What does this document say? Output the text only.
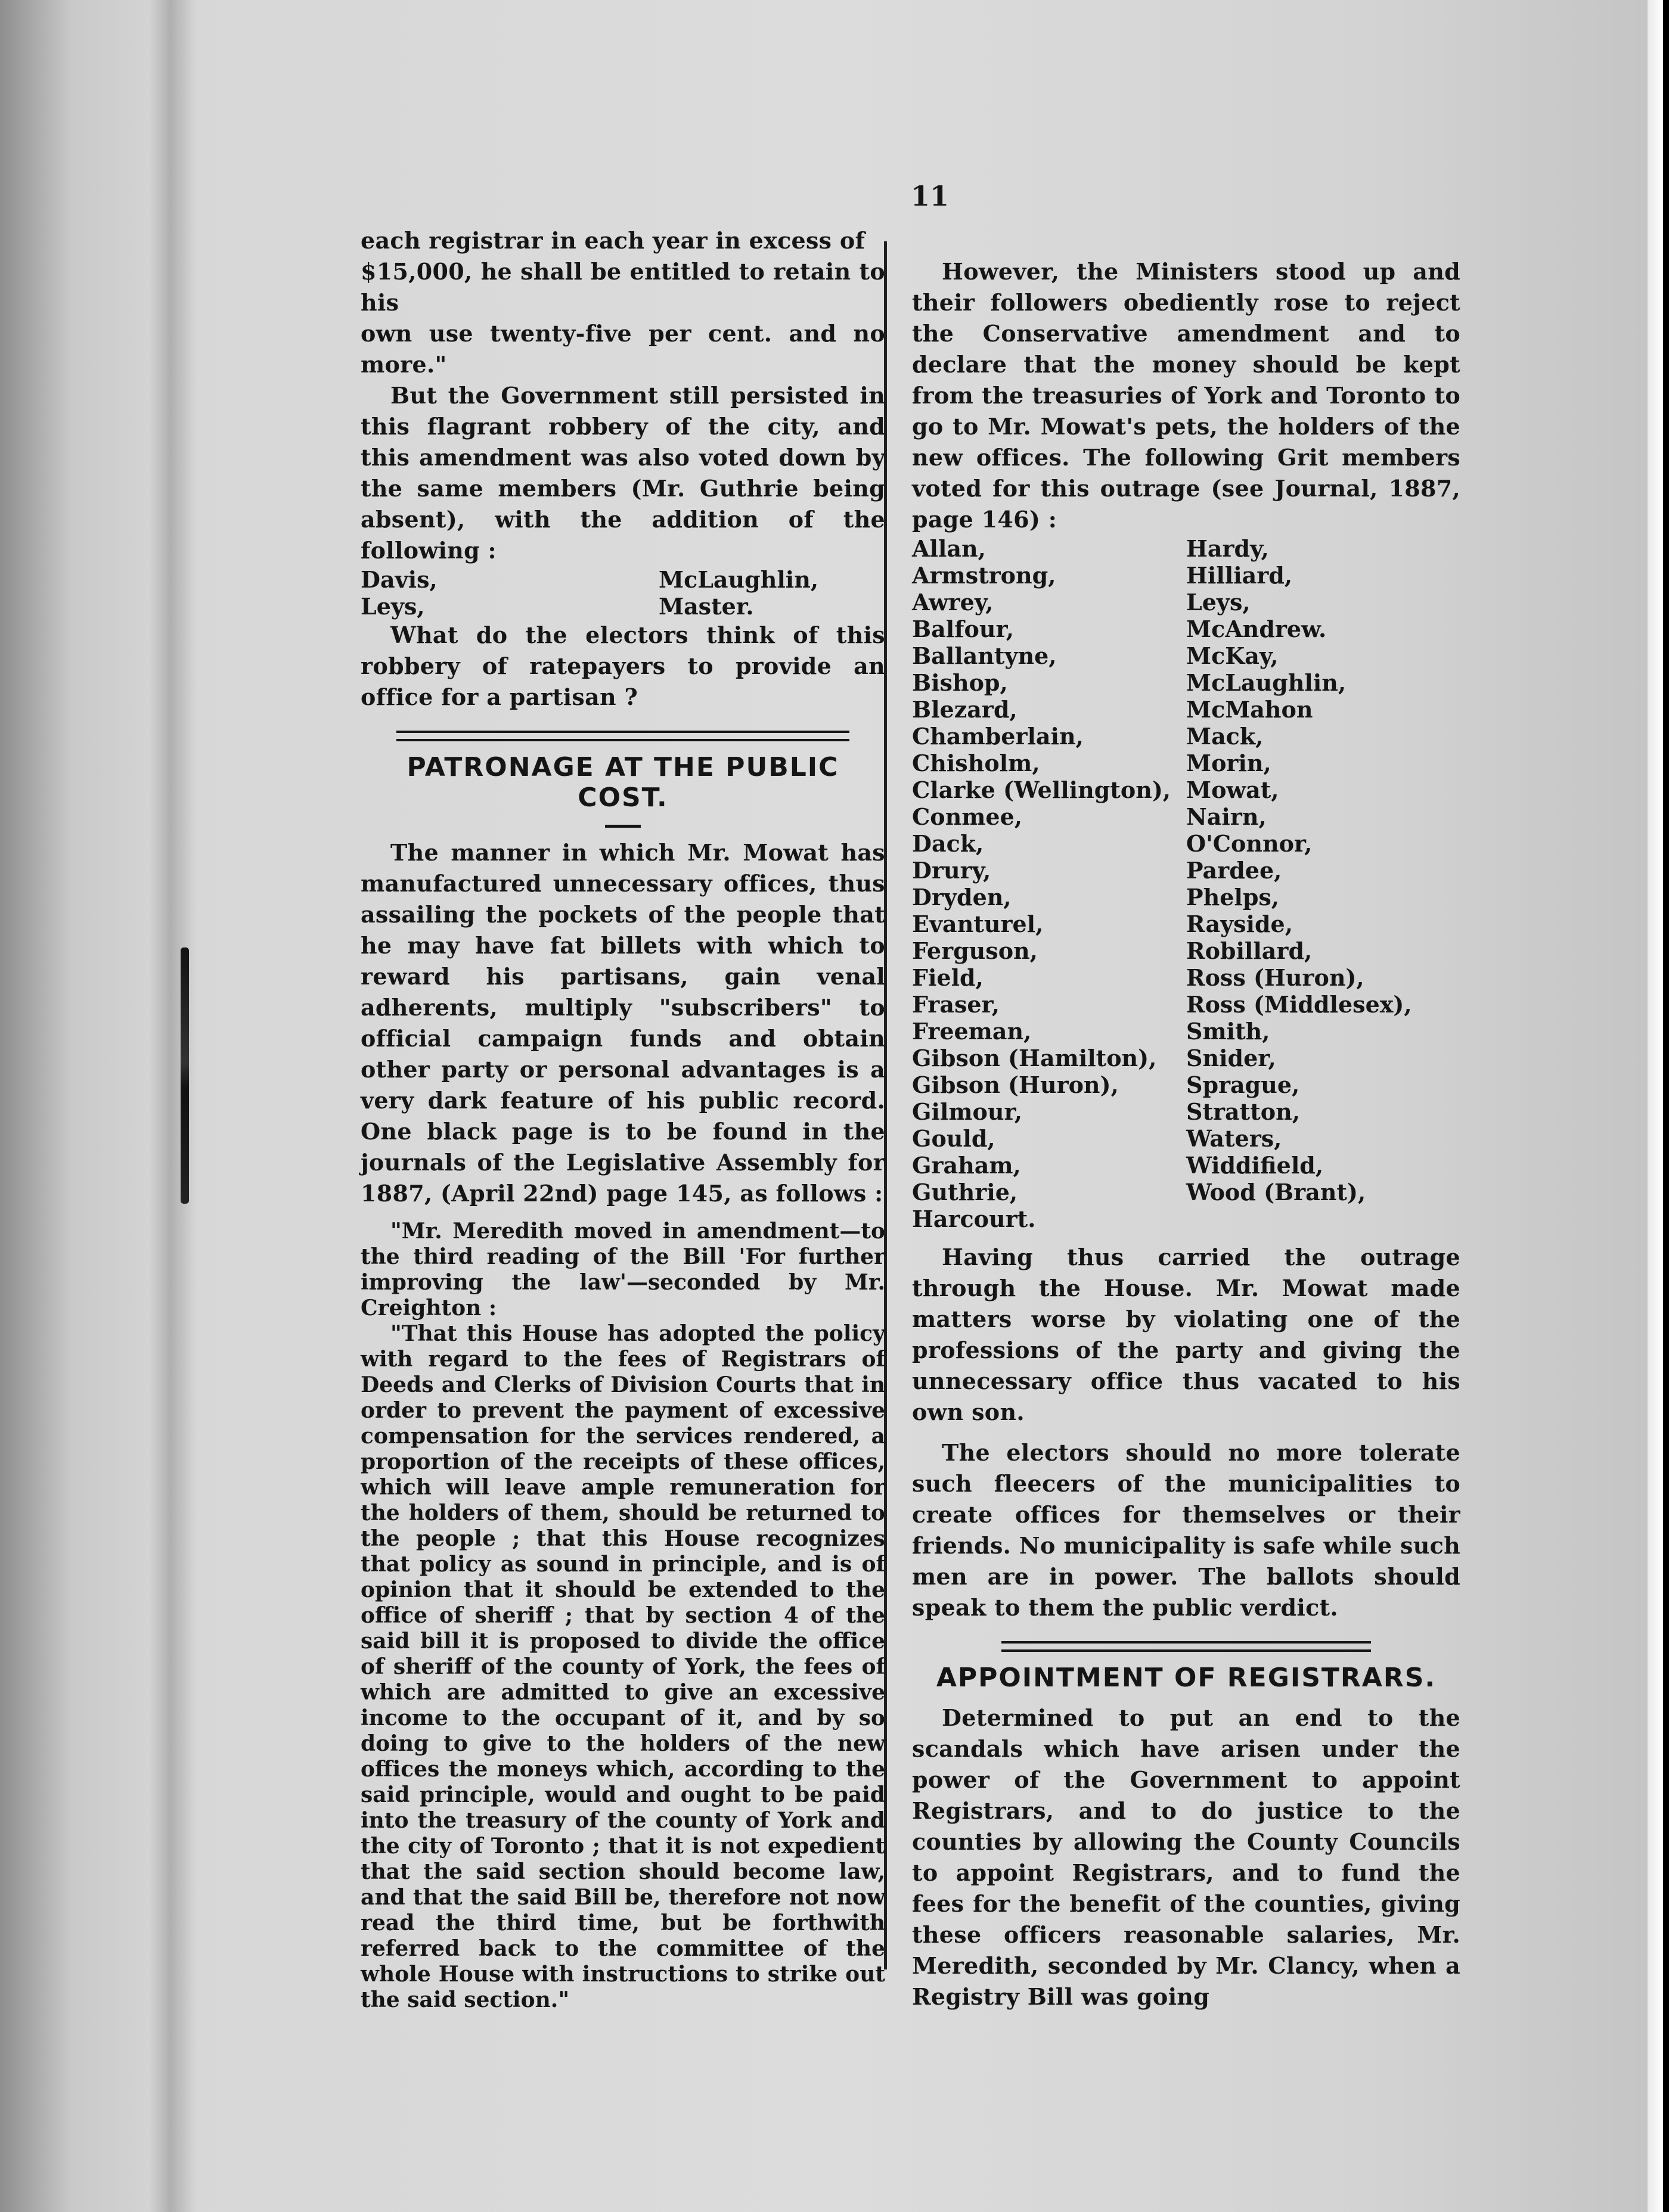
11
each registrar in each year in excess of
$15,000, he shall be entitled to retain to his
own use twenty-five per cent. and no more."

But the Government still persisted in this flagrant robbery of the city, and this amendment was also voted down by the same members (Mr. Guthrie being absent), with the addition of the following :

Davis,	McLaughlin,
Leys,	Master.

What do the electors think of this robbery of ratepayers to provide an office for a partisan ?

PATRONAGE AT THE PUBLIC COST.

The manner in which Mr. Mowat has manufactured unnecessary offices, thus assailing the pockets of the people that he may have fat billets with which to reward his partisans, gain venal adherents, multiply "subscribers" to official campaign funds and obtain other party or personal advantages is a very dark feature of his public record. One black page is to be found in the journals of the Legislative Assembly for 1887, (April 22nd) page 145, as follows :

"Mr. Meredith moved in amendment—to the third reading of the Bill 'For further improving the law'—seconded by Mr. Creighton :

"That this House has adopted the policy with regard to the fees of Registrars of Deeds and Clerks of Division Courts that in order to prevent the payment of excessive compensation for the services rendered, a proportion of the receipts of these offices, which will leave ample remuneration for the holders of them, should be returned to the people ; that this House recognizes that policy as sound in principle, and is of opinion that it should be extended to the office of sheriff ; that by section 4 of the said bill it is proposed to divide the office of sheriff of the county of York, the fees of which are admitted to give an excessive income to the occupant of it, and by so doing to give to the holders of the new offices the moneys which, according to the said principle, would and ought to be paid into the treasury of the county of York and the city of Toronto ; that it is not expedient that the said section should become law, and that the said Bill be, therefore not now read the third time, but be forthwith referred back to the committee of the whole House with instructions to strike out the said section."

However, the Ministers stood up and their followers obediently rose to reject the Conservative amendment and to declare that the money should be kept from the treasuries of York and Toronto to go to Mr. Mowat's pets, the holders of the new offices. The following Grit members voted for this outrage (see Journal, 1887, page 146) :

Allan,
Armstrong,
Awrey,
Balfour,
Ballantyne,
Bishop,
Blezard,
Chamberlain,
Chisholm,
Clarke (Wellington),
Conmee,
Dack,
Drury,
Dryden,
Evanturel,
Ferguson,
Field,
Fraser,
Freeman,
Gibson (Hamilton),
Gibson (Huron),
Gilmour,
Gould,
Graham,
Guthrie,
Harcourt.
Hardy,
Hilliard,
Leys,
McAndrew.
McKay,
McLaughlin,
McMahon
Mack,
Morin,
Mowat,
Nairn,
O'Connor,
Pardee,
Phelps,
Rayside,
Robillard,
Ross (Huron),
Ross (Middlesex),
Smith,
Snider,
Sprague,
Stratton,
Waters,
Widdifield,
Wood (Brant),

Having thus carried the outrage through the House. Mr. Mowat made matters worse by violating one of the professions of the party and giving the unnecessary office thus vacated to his own son.

The electors should no more tolerate such fleecers of the municipalities to create offices for themselves or their friends. No municipality is safe while such men are in power. The ballots should speak to them the public verdict.

APPOINTMENT OF REGISTRARS.

Determined to put an end to the scandals which have arisen under the power of the Government to appoint Registrars, and to do justice to the counties by allowing the County Councils to appoint Registrars, and to fund the fees for the benefit of the counties, giving these officers reasonable salaries, Mr. Meredith, seconded by Mr. Clancy, when a Registry Bill was going
